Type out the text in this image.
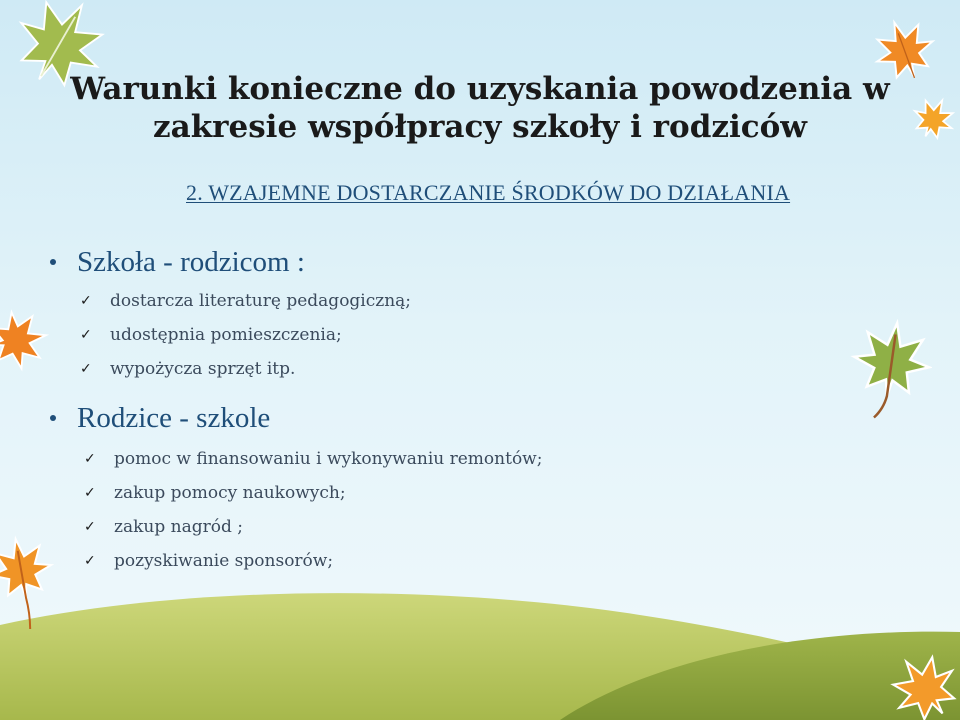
Warunki konieczne do uzyskania powodzenia w zakresie współpracy szkoły i rodziców

2. WZAJEMNE DOSTARCZANIE ŚRODKÓW DO DZIAŁANIA

Szkoła - rodzicom :
✓ dostarcza literaturę pedagogiczną;
✓ udostępnia pomieszczenia;
✓ wypożycza sprzęt itp.
Rodzice - szkole
✓ pomoc w finansowaniu i wykonywaniu remontów;
✓ zakup pomocy naukowych;
✓ zakup nagród ;
✓ pozyskiwanie sponsorów;
